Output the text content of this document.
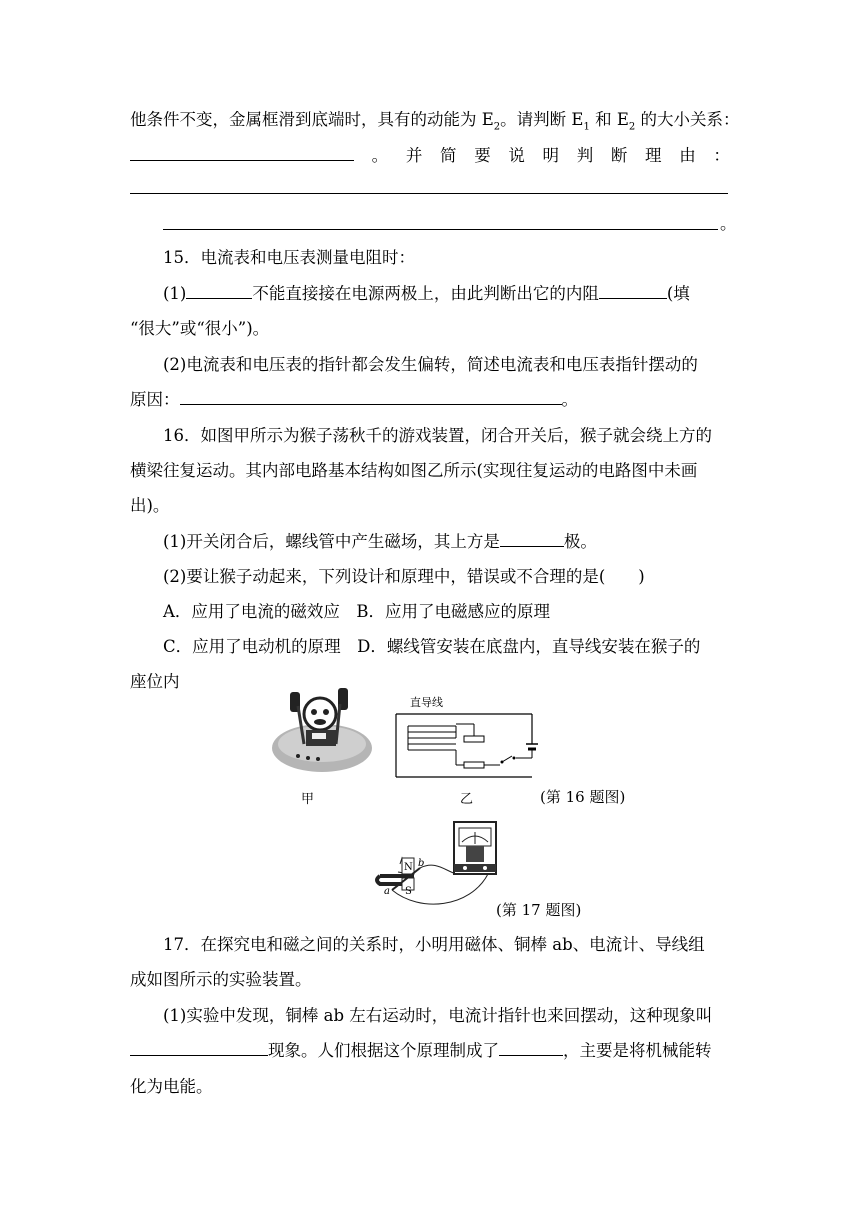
他条件不变，金属框滑到底端时，具有的动能为 $E_2$。请判断 $E_1$ 和 $E_2$ 的大小关系：
。 并 简 要 说 明 判 断 理 由 ：
。
15．电流表和电压表测量电阻时：
(1)	不能直接接在电源两极上，由此判断出它的内阻	(填
“很大”或“很小”)。
(2)电流表和电压表的指针都会发生偏转，简述电流表和电压表指针摆动的
原因：	。
16．如图甲所示为猴子荡秋千的游戏装置，闭合开关后，猴子就会绕上方的
横梁往复运动。其内部电路基本结构如图乙所示(实现往复运动的电路图中未画
出)。
(1)开关闭合后，螺线管中产生磁场，其上方是	极。
(2)要让猴子动起来，下列设计和原理中，错误或不合理的是(　　)
A．应用了电流的磁效应　B．应用了电磁感应的原理
C．应用了电动机的原理　D．螺线管安装在底盘内，直导线安装在猴子的
座位内
甲
直导线
乙	(第 16 题图)
N
S
a
b
(第 17 题图)
17．在探究电和磁之间的关系时，小明用磁体、铜棒 ab、电流计、导线组
成如图所示的实验装置。
(1)实验中发现，铜棒 ab 左右运动时，电流计指针也来回摆动，这种现象叫
现象。人们根据这个原理制成了	，主要是将机械能转
化为电能。
